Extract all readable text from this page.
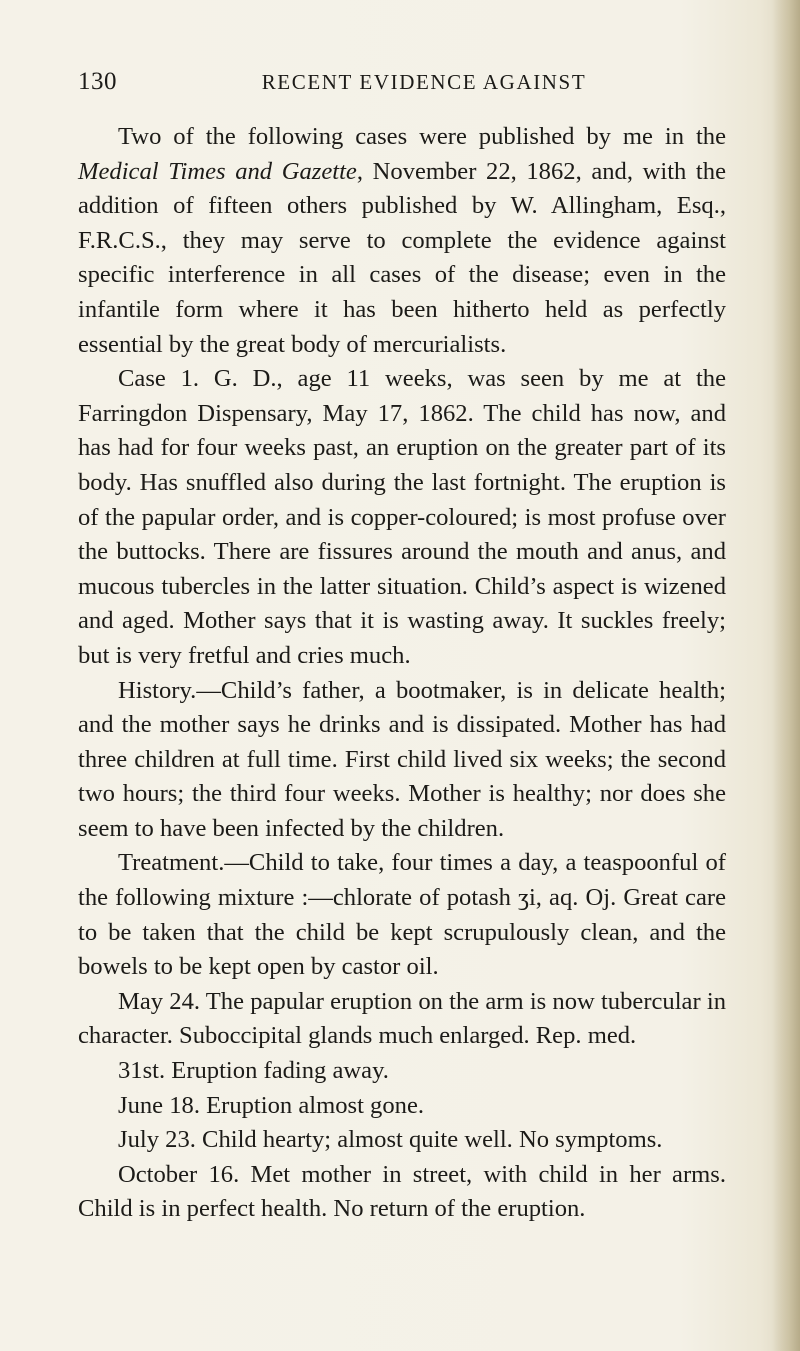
130	RECENT EVIDENCE AGAINST

Two of the following cases were published by me in the Medical Times and Gazette, November 22, 1862, and, with the addition of fifteen others published by W. Allingham, Esq., F.R.C.S., they may serve to complete the evidence against specific interference in all cases of the disease; even in the infantile form where it has been hitherto held as perfectly essential by the great body of mercurialists.

Case 1. G. D., age 11 weeks, was seen by me at the Farringdon Dispensary, May 17, 1862. The child has now, and has had for four weeks past, an eruption on the greater part of its body. Has snuffled also during the last fortnight. The eruption is of the papular order, and is copper-coloured; is most profuse over the buttocks. There are fissures around the mouth and anus, and mucous tubercles in the latter situation. Child’s aspect is wizened and aged. Mother says that it is wasting away. It suckles freely; but is very fretful and cries much.

History.—Child’s father, a bootmaker, is in delicate health; and the mother says he drinks and is dissipated. Mother has had three children at full time. First child lived six weeks; the second two hours; the third four weeks. Mother is healthy; nor does she seem to have been infected by the children.

Treatment.—Child to take, four times a day, a teaspoonful of the following mixture :—chlorate of potash ʒi, aq. Oj. Great care to be taken that the child be kept scrupulously clean, and the bowels to be kept open by castor oil.

May 24. The papular eruption on the arm is now tubercular in character. Suboccipital glands much enlarged. Rep. med.

31st. Eruption fading away.

June 18. Eruption almost gone.

July 23. Child hearty; almost quite well. No symptoms.

October 16. Met mother in street, with child in her arms. Child is in perfect health. No return of the eruption.
